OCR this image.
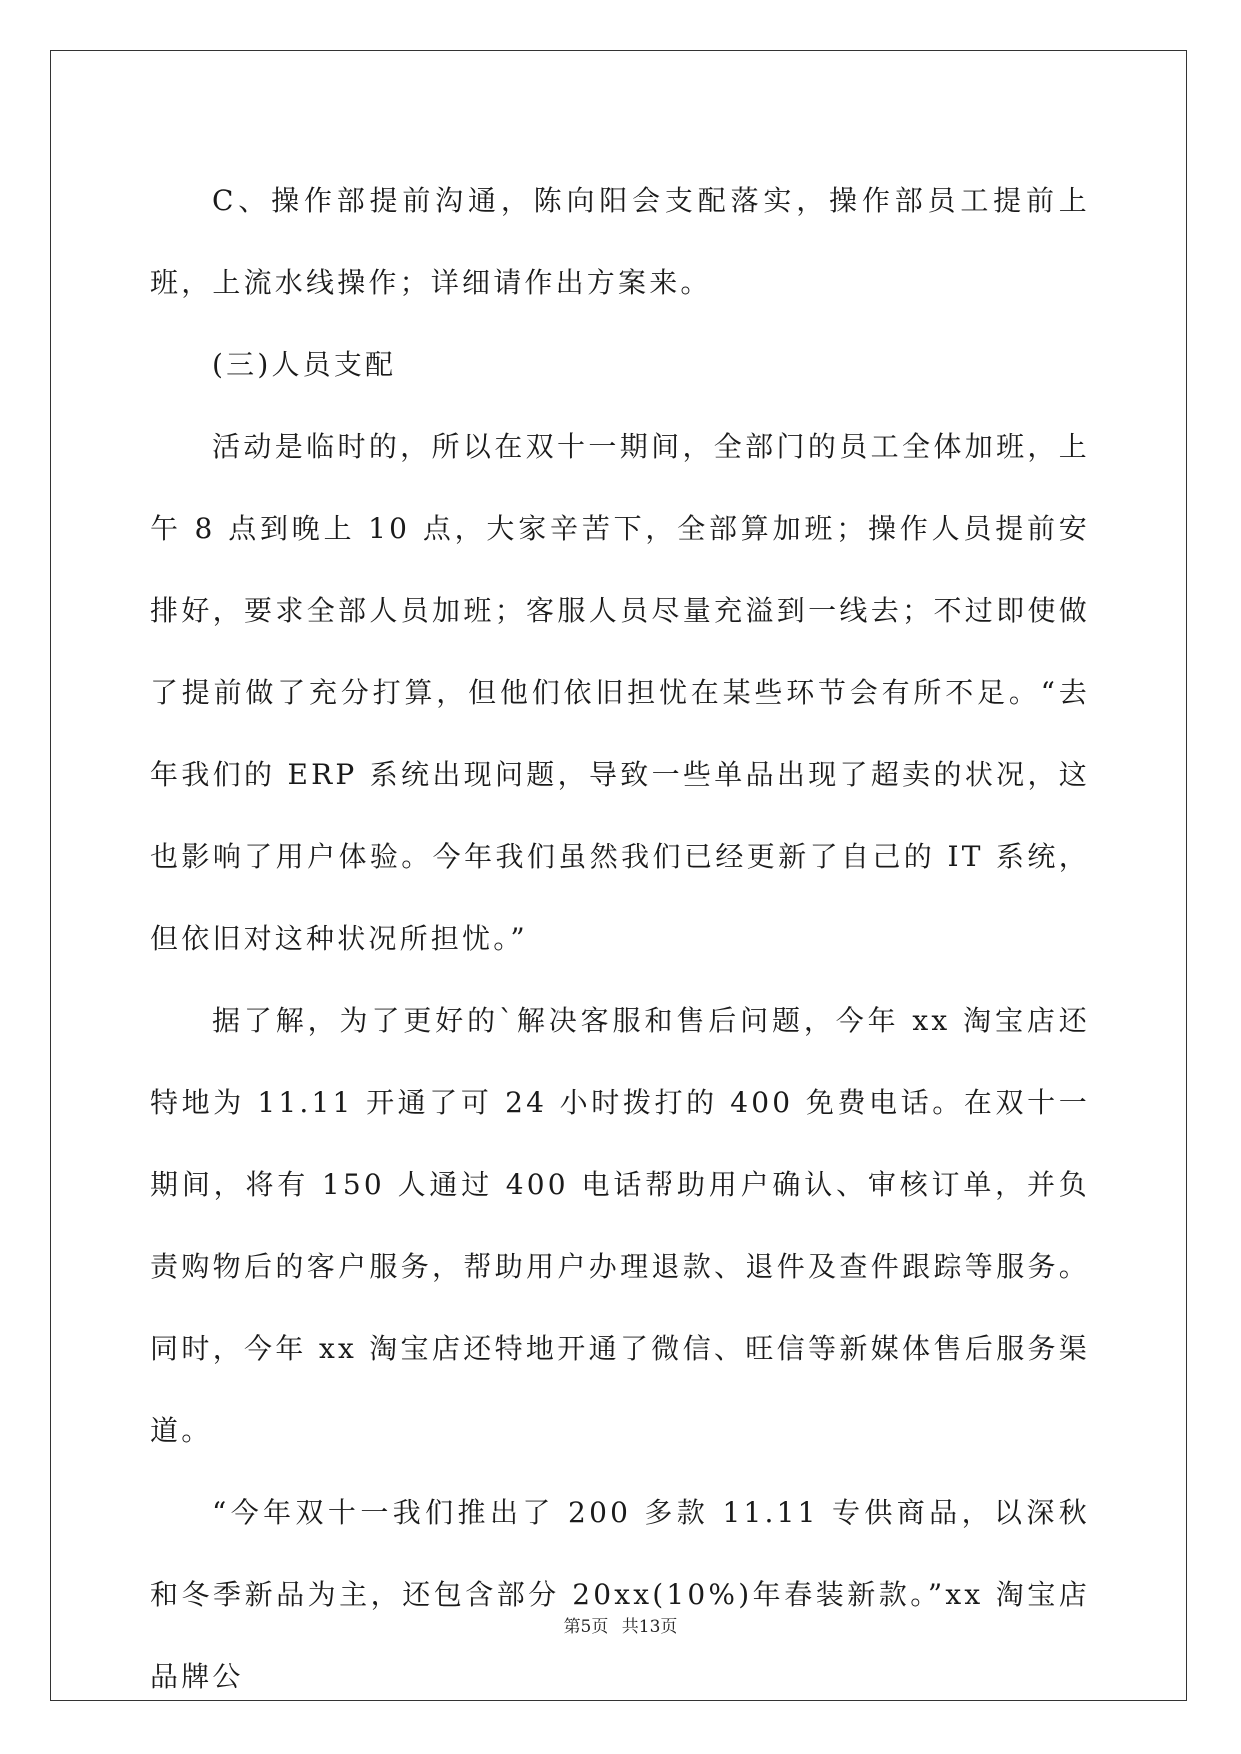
C、操作部提前沟通，陈向阳会支配落实，操作部员工提前上班，上流水线操作；详细请作出方案来。

(三)人员支配

活动是临时的，所以在双十一期间，全部门的员工全体加班，上午 8 点到晚上 10 点，大家辛苦下，全部算加班；操作人员提前安排好，要求全部人员加班；客服人员尽量充溢到一线去；不过即使做了提前做了充分打算，但他们依旧担忧在某些环节会有所不足。“去年我们的 ERP 系统出现问题，导致一些单品出现了超卖的状况，这也影响了用户体验。今年我们虽然我们已经更新了自己的 IT 系统，但依旧对这种状况所担忧。”

据了解，为了更好的`解决客服和售后问题，今年 xx 淘宝店还特地为 11.11 开通了可 24 小时拨打的 400 免费电话。在双十一期间，将有 150 人通过 400 电话帮助用户确认、审核订单，并负责购物后的客户服务，帮助用户办理退款、退件及查件跟踪等服务。同时，今年 xx 淘宝店还特地开通了微信、旺信等新媒体售后服务渠道。

“今年双十一我们推出了 200 多款 11.11 专供商品，以深秋和冬季新品为主，还包含部分 20xx(10%)年春装新款。”xx 淘宝店品牌公

第5页 共13页
